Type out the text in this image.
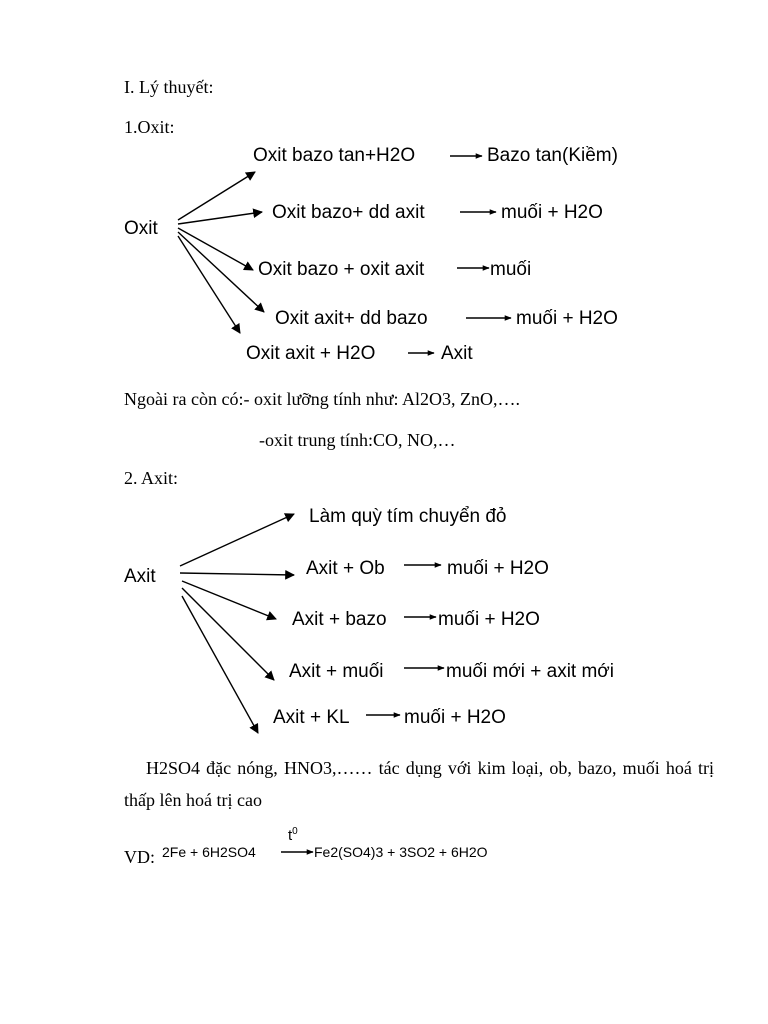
I. Lý thuyết:
1.Oxit:
Oxit
Oxit bazo tan+H2O	Bazo tan(Kiềm)
Oxit bazo+ dd axit	muối + H2O
Oxit bazo + oxit axit	muối
Oxit axit+ dd bazo	muối + H2O
Oxit axit + H2O	Axit
Ngoài ra còn có:- oxit lưỡng tính như: Al2O3, ZnO,….
-oxit trung tính:CO, NO,…
2. Axit:
Axit
Làm quỳ tím chuyển đỏ
Axit + Ob	muối + H2O
Axit + bazo	muối + H2O
Axit + muối	muối mới + axit mới
Axit + KL	muối + H2O
H2SO4 đặc nóng, HNO3,…… tác dụng với kim loại, ob, bazo, muối hoá trị thấp lên hoá trị cao
VD: 2Fe + 6H2SO4
$t^0$
Fe2(SO4)3 + 3SO2 + 6H2O
